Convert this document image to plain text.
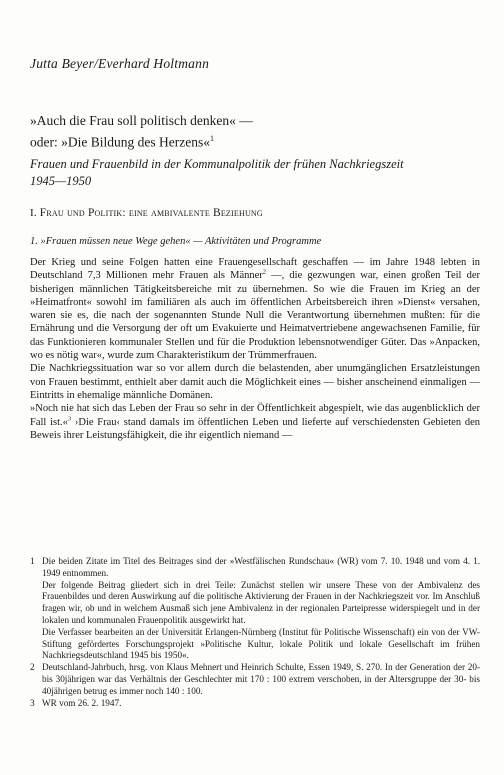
Jutta Beyer/Everhard Holtmann
»Auch die Frau soll politisch denken« —
oder: »Die Bildung des Herzens«$^1$
Frauen und Frauenbild in der Kommunalpolitik der frühen Nachkriegszeit
1945—1950
I. Frau und Politik: eine ambivalente Beziehung
1. »Frauen müssen neue Wege gehen« — Aktivitäten und Programme

Der Krieg und seine Folgen hatten eine Frauengesellschaft geschaffen — im Jahre 1948 lebten in Deutschland 7,3 Millionen mehr Frauen als Männer$^2$ —, die gezwungen war, einen großen Teil der bisherigen männlichen Tätigkeitsbereiche mit zu übernehmen. So wie die Frauen im Krieg an der »Heimatfront« sowohl im familiären als auch im öffentlichen Arbeitsbereich ihren »Dienst« versahen, waren sie es, die nach der sogenannten Stunde Null die Verantwortung übernehmen mußten: für die Ernährung und die Versorgung der oft um Evakuierte und Heimatvertriebene angewachsenen Familie, für das Funktionieren kommunaler Stellen und für die Produktion lebensnotwendiger Güter. Das »Anpacken, wo es nötig war«, wurde zum Charakteristikum der Trümmerfrauen.

Die Nachkriegssituation war so vor allem durch die belastenden, aber unumgänglichen Ersatzleistungen von Frauen bestimmt, enthielt aber damit auch die Möglichkeit eines — bisher anscheinend einmaligen — Eintritts in ehemalige männliche Domänen.

»Noch nie hat sich das Leben der Frau so sehr in der Öffentlichkeit abgespielt, wie das augenblicklich der Fall ist.«$^3$ ›Die Frau‹ stand damals im öffentlichen Leben und lieferte auf verschiedensten Gebieten den Beweis ihrer Leistungsfähigkeit, die ihr eigentlich niemand —

1 Die beiden Zitate im Titel des Beitrages sind der »Westfälischen Rundschau« (WR) vom 7. 10. 1948 und vom 4. 1. 1949 entnommen.
Der folgende Beitrag gliedert sich in drei Teile: Zunächst stellen wir unsere These von der Ambivalenz des Frauenbildes und deren Auswirkung auf die politische Aktivierung der Frauen in der Nachkriegszeit vor. Im Anschluß fragen wir, ob und in welchem Ausmaß sich jene Ambivalenz in der regionalen Parteipresse widerspiegelt und in der lokalen und kommunalen Frauenpolitik ausgewirkt hat.
Die Verfasser bearbeiten an der Universität Erlangen-Nürnberg (Institut für Politische Wissenschaft) ein von der VW-Stiftung gefördertes Forschungsprojekt »Politische Kultur, lokale Politik und lokale Gesellschaft im frühen Nachkriegsdeutschland 1945 bis 1950«.
2 Deutschland-Jahrbuch, hrsg. von Klaus Mehnert und Heinrich Schulte, Essen 1949, S. 270. In der Generation der 20- bis 30jährigen war das Verhältnis der Geschlechter mit 170 : 100 extrem verschoben, in der Altersgruppe der 30- bis 40jährigen betrug es immer noch 140 : 100.
3 WR vom 26. 2. 1947.
